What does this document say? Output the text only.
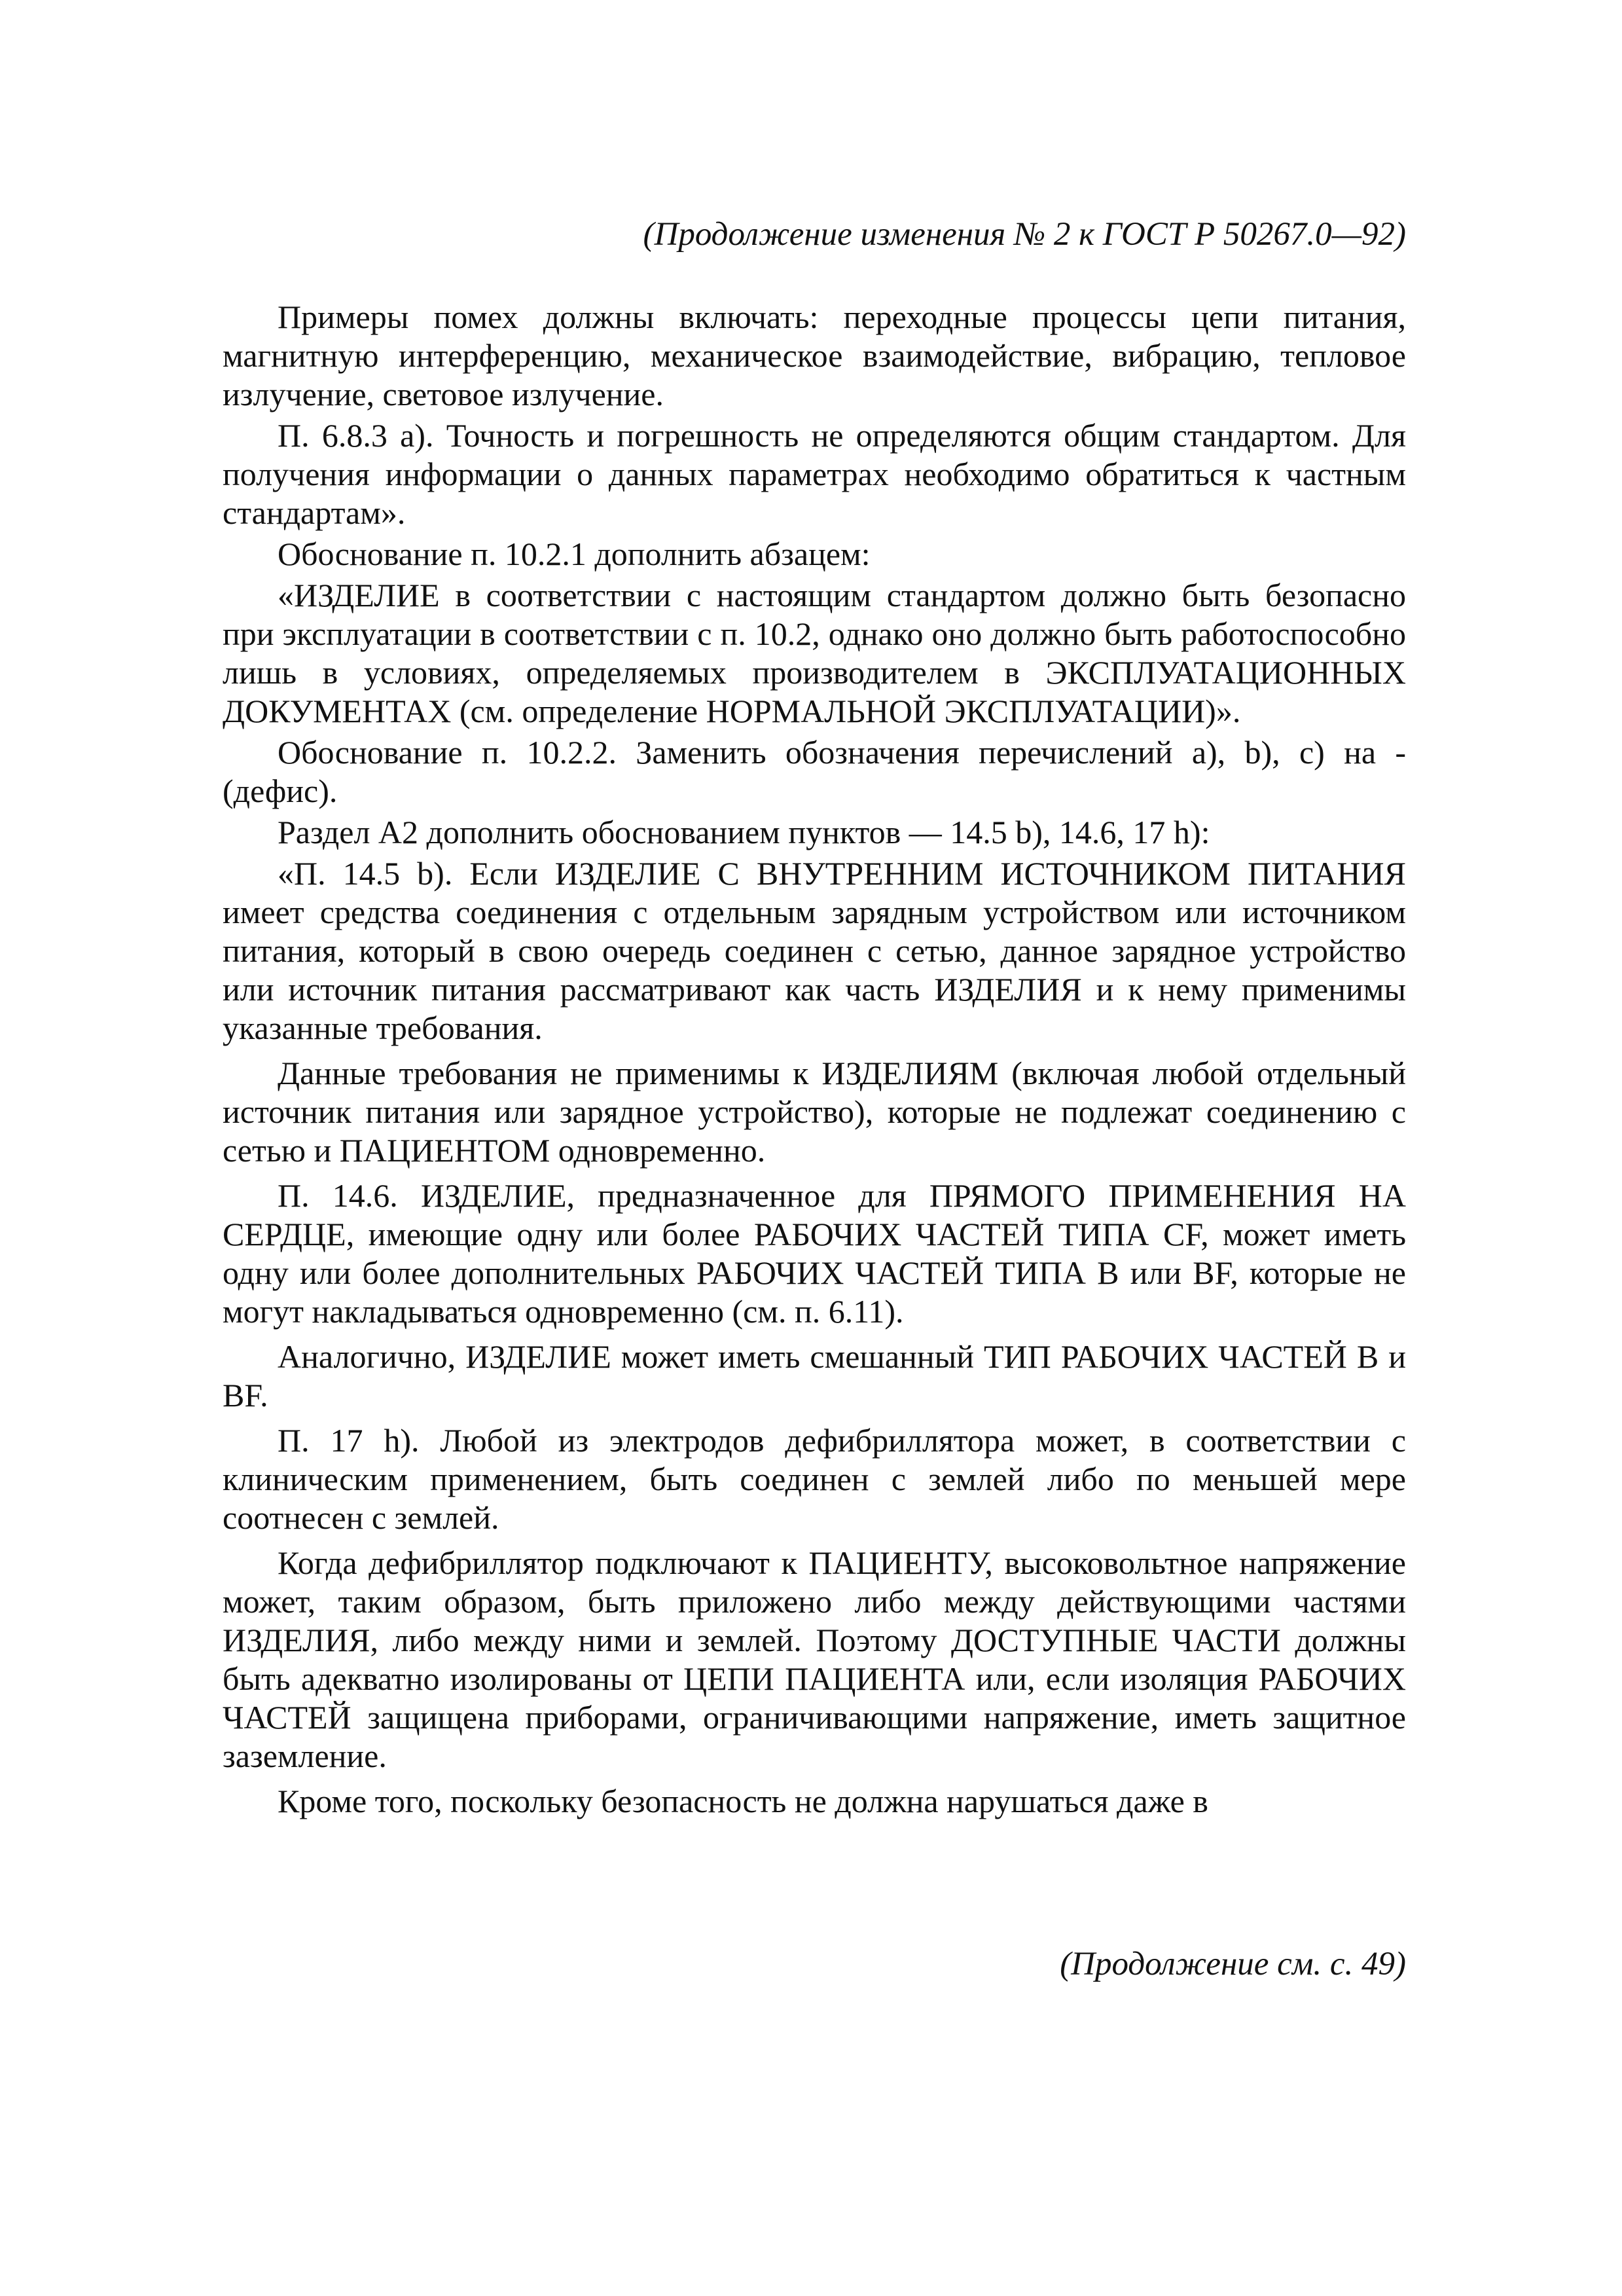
(Продолжение изменения № 2 к ГОСТ Р 50267.0—92)

Примеры помех должны включать: переходные процессы цепи питания, магнитную интерференцию, механическое взаимодействие, вибрацию, тепловое излучение, световое излучение.

П. 6.8.3 а). Точность и погрешность не определяются общим стандартом. Для получения информации о данных параметрах необходимо обратиться к частным стандартам».

Обоснование п. 10.2.1 дополнить абзацем:

«ИЗДЕЛИЕ в соответствии с настоящим стандартом должно быть безопасно при эксплуатации в соответствии с п. 10.2, однако оно должно быть работоспособно лишь в условиях, определяемых производителем в ЭКСПЛУАТАЦИОННЫХ ДОКУМЕНТАХ (см. определение НОРМАЛЬНОЙ ЭКСПЛУАТАЦИИ)».

Обоснование п. 10.2.2. Заменить обозначения перечислений а), b), с) на - (дефис).

Раздел А2 дополнить обоснованием пунктов — 14.5 b), 14.6, 17 h):

«П. 14.5 b). Если ИЗДЕЛИЕ С ВНУТРЕННИМ ИСТОЧНИКОМ ПИТАНИЯ имеет средства соединения с отдельным зарядным устройством или источником питания, который в свою очередь соединен с сетью, данное зарядное устройство или источник питания рассматривают как часть ИЗДЕЛИЯ и к нему применимы указанные требования.

Данные требования не применимы к ИЗДЕЛИЯМ (включая любой отдельный источник питания или зарядное устройство), которые не подлежат соединению с сетью и ПАЦИЕНТОМ одновременно.

П. 14.6. ИЗДЕЛИЕ, предназначенное для ПРЯМОГО ПРИМЕНЕНИЯ НА СЕРДЦЕ, имеющие одну или более РАБОЧИХ ЧАСТЕЙ ТИПА CF, может иметь одну или более дополнительных РАБОЧИХ ЧАСТЕЙ ТИПА В или BF, которые не могут накладываться одновременно (см. п. 6.11).

Аналогично, ИЗДЕЛИЕ может иметь смешанный ТИП РАБОЧИХ ЧАСТЕЙ В и BF.

П. 17 h). Любой из электродов дефибриллятора может, в соответствии с клиническим применением, быть соединен с землей либо по меньшей мере соотнесен с землей.

Когда дефибриллятор подключают к ПАЦИЕНТУ, высоковольтное напряжение может, таким образом, быть приложено либо между действующими частями ИЗДЕЛИЯ, либо между ними и землей. Поэтому ДОСТУПНЫЕ ЧАСТИ должны быть адекватно изолированы от ЦЕПИ ПАЦИЕНТА или, если изоляция РАБОЧИХ ЧАСТЕЙ защищена приборами, ограничивающими напряжение, иметь защитное заземление.

Кроме того, поскольку безопасность не должна нарушаться даже в

(Продолжение см. с. 49)
